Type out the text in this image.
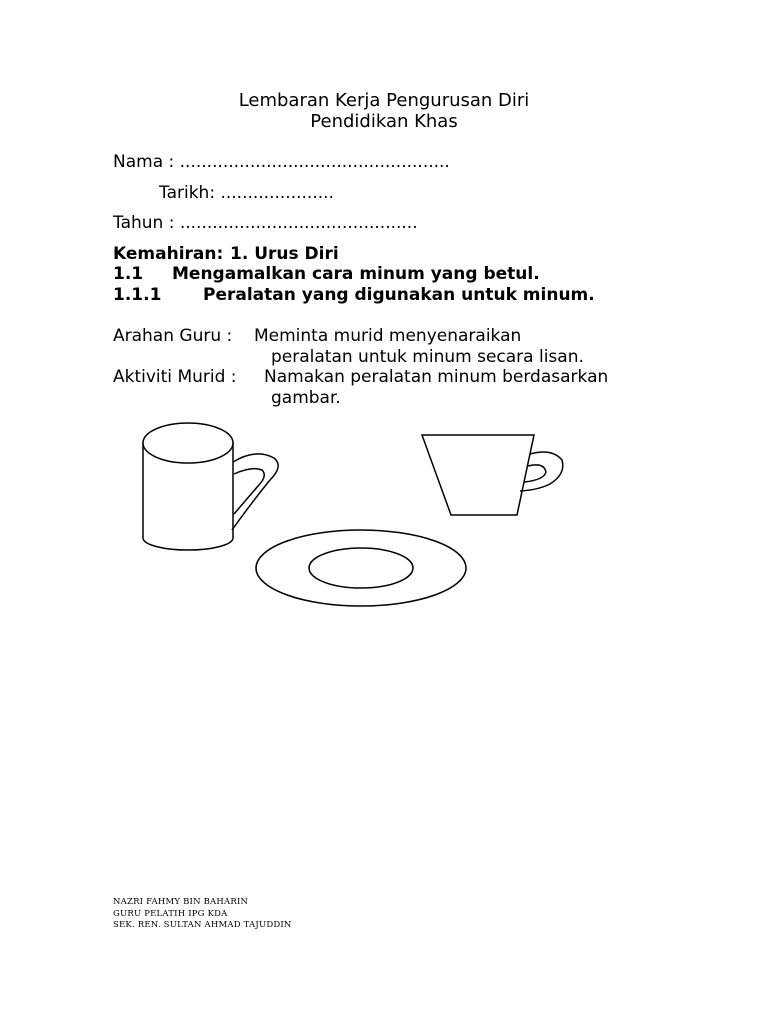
Lembaran Kerja Pengurusan Diri
Pendidikan Khas
Nama : ..................................................
Tarikh: .....................
Tahun : ............................................
Kemahiran: 1. Urus Diri
1.1 Mengamalkan cara minum yang betul.
1.1.1 Peralatan yang digunakan untuk minum.
Arahan Guru : Meminta murid menyenaraikan
peralatan untuk minum secara lisan.
Aktiviti Murid : Namakan peralatan minum berdasarkan
gambar.
NAZRI FAHMY BIN BAHARIN
GURU PELATIH IPG KDA
SEK. REN. SULTAN AHMAD TAJUDDIN
